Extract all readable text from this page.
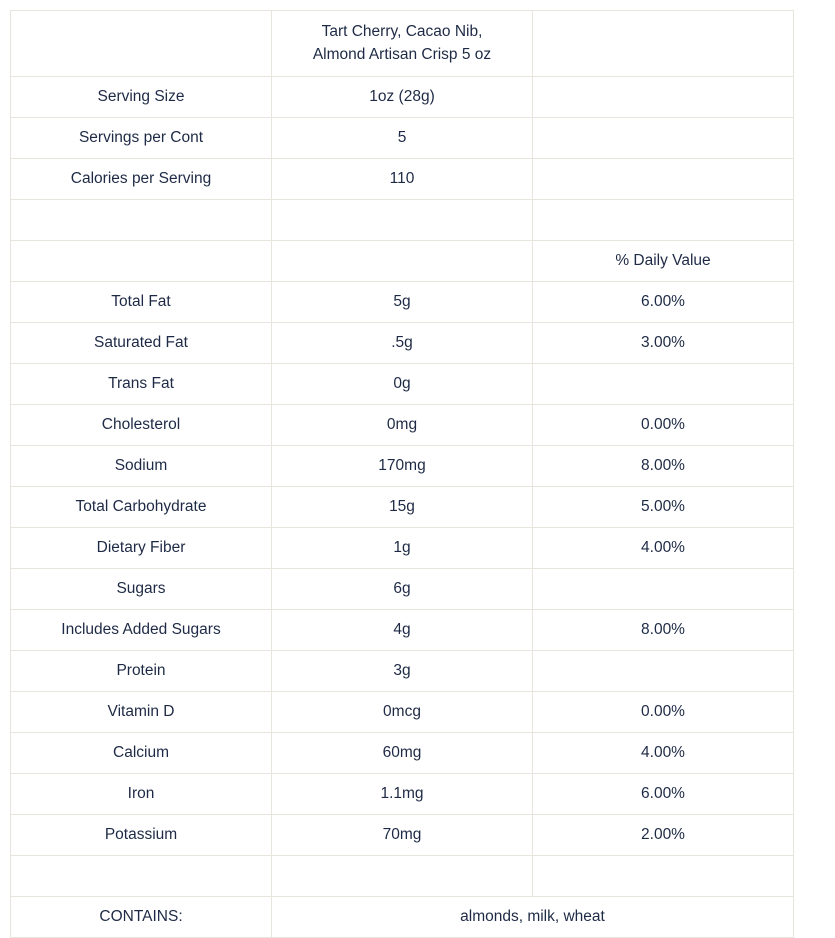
	Tart Cherry, Cacao Nib,
Almond Artisan Crisp 5 oz	

Serving Size	1oz (28g)	
Servings per Cont	5	
Calories per Serving	110	

		% Daily Value
Total Fat	5g	6.00%
Saturated Fat	.5g	3.00%
Trans Fat	0g	
Cholesterol	0mg	0.00%
Sodium	170mg	8.00%
Total Carbohydrate	15g	5.00%
Dietary Fiber	1g	4.00%
Sugars	6g	
Includes Added Sugars	4g	8.00%
Protein	3g	
Vitamin D	0mcg	0.00%
Calcium	60mg	4.00%
Iron	1.1mg	6.00%
Potassium	70mg	2.00%

CONTAINS:	almonds, milk, wheat	
